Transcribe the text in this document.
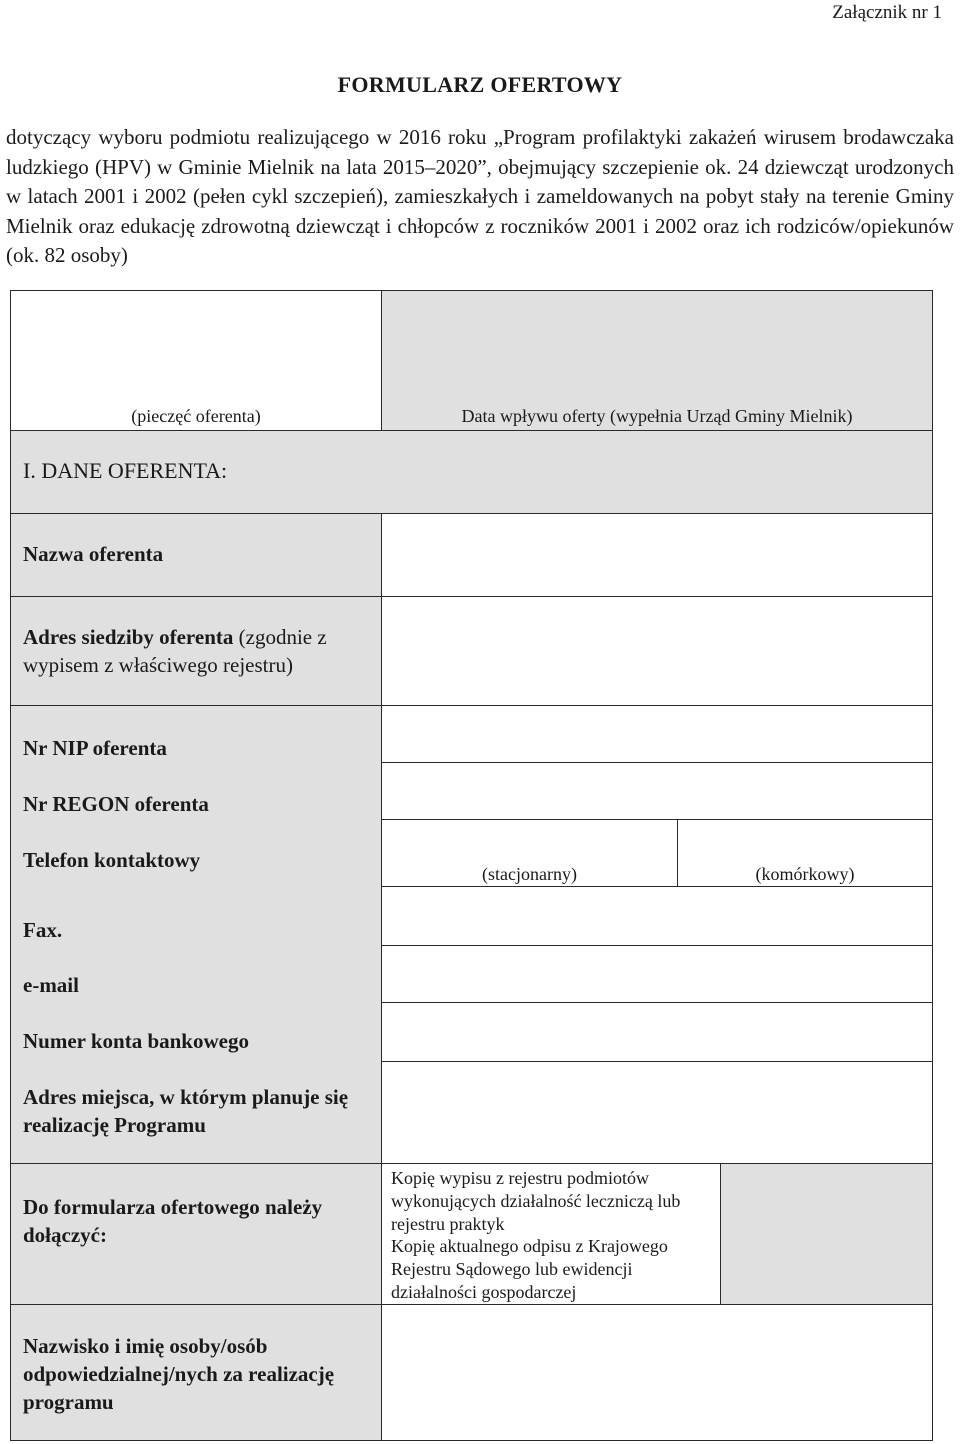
Załącznik nr 1
FORMULARZ OFERTOWY
dotyczący wyboru podmiotu realizującego w 2016 roku „Program profilaktyki zakażeń wirusem brodawczaka ludzkiego (HPV) w Gminie Mielnik na lata 2015–2020”, obejmujący szczepienie ok. 24 dziewcząt urodzonych w latach 2001 i 2002 (pełen cykl szczepień), zamieszkałych i zameldowanych na pobyt stały na terenie Gminy Mielnik oraz edukację zdrowotną dziewcząt i chłopców z roczników 2001 i 2002 oraz ich rodziców/opiekunów (ok. 82 osoby)
(pieczęć oferenta)	Data wpływu oferty (wypełnia Urząd Gminy Mielnik)
I. DANE OFERENTA:
Nazwa oferenta
Adres siedziby oferenta (zgodnie z wypisem z właściwego rejestru)
Nr NIP oferenta
Nr REGON oferenta
Telefon kontaktowy
(stacjonarny)	(komórkowy)
Fax.
e-mail
Numer konta bankowego
Adres miejsca, w którym planuje się realizację Programu
Do formularza ofertowego należy dołączyć:
Kopię wypisu z rejestru podmiotów wykonujących działalność leczniczą lub rejestru praktyk
Kopię aktualnego odpisu z Krajowego Rejestru Sądowego lub ewidencji działalności gospodarczej
Nazwisko i imię osoby/osób odpowiedzialnej/nych za realizację programu
